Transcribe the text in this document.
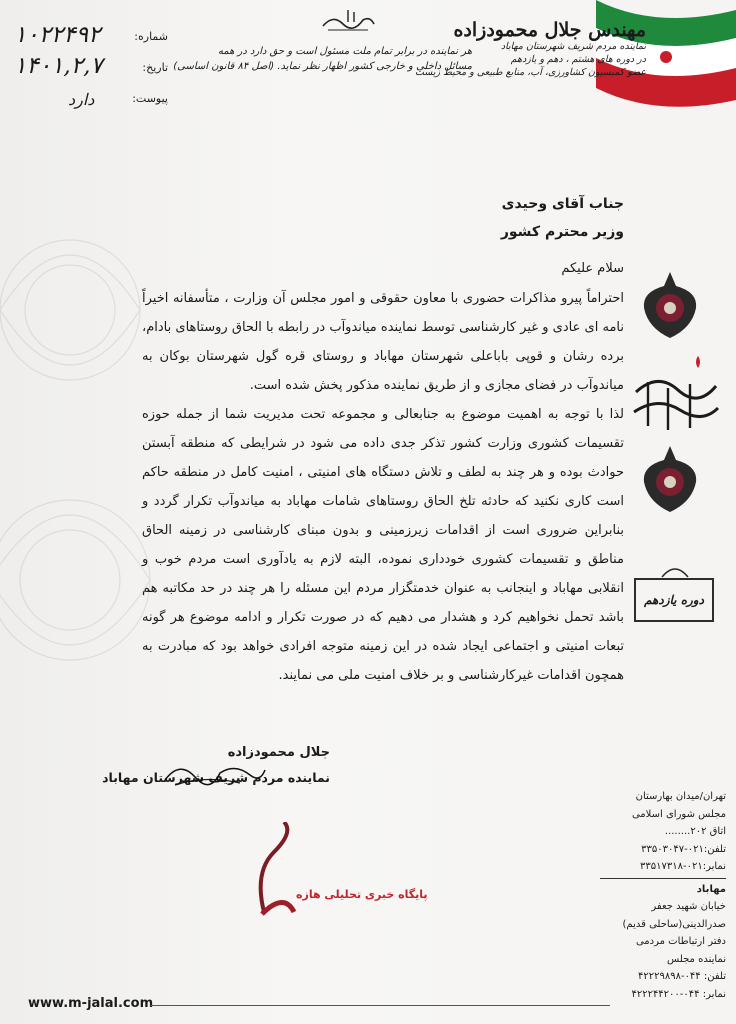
مهندس جلال محمودزاده

نماینده مردم شریف شهرستان مهاباد
در دوره های هشتم ، دهم و یازدهم
عضو کمیسیون کشاورزی، آب، منابع طبیعی و محیط زیست
هر نماینده در برابر تمام ملت مسئول است و حق دارد در همه
مسائل داخلی و خارجی کشور اظهار نظر نماید. (اصل ۸۴ قانون اساسی)
شماره:
۱۰۲۲۴۹۲
تاریخ:
۱۴۰۱,۲,۷
پیوست:
دارد

جناب آقای وحیدی

وزیر محترم کشور

سلام علیکم

احتراماً پیرو مذاکرات حضوری با معاون حقوقی و امور مجلس آن وزارت ، متأسفانه اخیراً نامه ای عادی و غیر کارشناسی توسط نماینده میاندوآب در رابطه با الحاق روستاهای بادام، برده رشان و قوپی باباعلی شهرستان مهاباد و روستای قره گول شهرستان بوکان به میاندوآب در فضای مجازی و از طریق نماینده مذکور پخش شده است.

لذا با توجه به اهمیت موضوع به جنابعالی و مجموعه تحت مدیریت شما از جمله حوزه تقسیمات کشوری وزارت کشور تذکر جدی داده می شود در شرایطی که منطقه آبستن حوادث بوده و هر چند به لطف و تلاش دستگاه های امنیتی ، امنیت کامل در منطقه حاکم است کاری نکنید که حادثه تلخ الحاق روستاهای شامات مهاباد به میاندوآب تکرار گردد و بنابراین ضروری است از اقدامات زیرزمینی و بدون مبنای کارشناسی در زمینه الحاق مناطق و تقسیمات کشوری خودداری نموده، البته لازم به یادآوری است مردم خوب و انقلابی مهاباد و اینجانب به عنوان خدمتگزار مردم این مسئله را هر چند در حد مکاتبه هم باشد تحمل نخواهیم کرد و هشدار می دهیم که در صورت تکرار و ادامه موضوع هر گونه تبعات امنیتی و اجتماعی ایجاد شده در این زمینه متوجه افرادی خواهد بود که مبادرت به همچون اقدامات غیرکارشناسی و بر خلاف امنیت ملی می نمایند.

جلال محمودزاده
نماینده مردم شریف شهرستان مهاباد
دوره یازدهم
تهران/میدان بهارستان
مجلس شورای اسلامی
اتاق ۲۰۲........
تلفن:۰۲۱-۳۳۵۰۳۰۴۷
نمابر:۰۲۱-۳۳۵۱۷۳۱۸
مهاباد
خیابان شهید جعفر
صدرالدینی(ساحلی قدیم)
دفتر ارتباطات مردمی
نماینده مجلس
تلفن: ۰۴۴-۴۲۲۲۹۸۹۸
نمابر: ۰۴۴-۴۲۲۲۴۴۲۰۰
پایگاه خبری تحلیلی هازه
www.m-jalal.com
